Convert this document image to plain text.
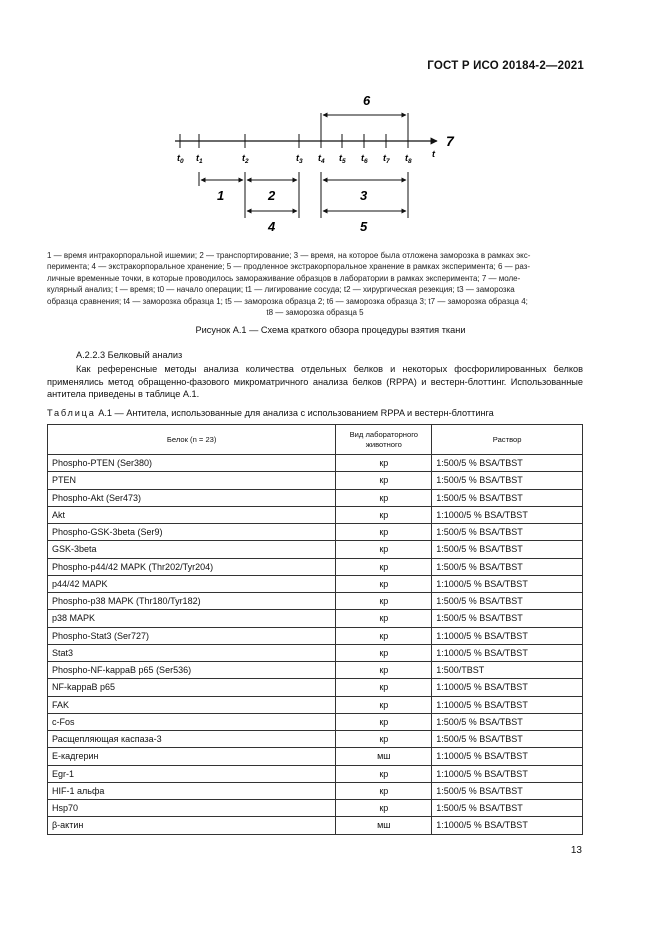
ГОСТ Р ИСО 20184-2—2021
7
t
$t_0$ $t_1$	$t_2$	$t_3$ $t_4$ $t_5$ $t_6$ $t_7$ $t_8$
6
1	2	3
4	5
1 — время интракорпоральной ишемии; 2 — транспортирование; 3 — время, на которое была отложена заморозка в рамках экс-
перимента; 4 — экстракорпоральное хранение; 5 — продленное экстракорпоральное хранение в рамках эксперимента; 6 — раз-
личные временные точки, в которые проводилось замораживание образцов в лаборатории в рамках эксперимента; 7 — моле-
кулярный анализ; t — время; t0 — начало операции; t1 — лигирование сосуда; t2 — хирургическая резекция; t3 — заморозка
образца сравнения; t4 — заморозка образца 1; t5 — заморозка образца 2; t6 — заморозка образца 3; t7 — заморозка образца 4;
t8 — заморозка образца 5
Рисунок А.1 — Схема краткого обзора процедуры взятия ткани
А.2.2.3 Белковый анализ
Как референсные методы анализа количества отдельных белков и некоторых фосфорилированных белков применялись метод обращенно-фазового микроматричного анализа белков (RPPA) и вестерн-блоттинг. Использованные антитела приведены в таблице А.1.
Таблица А.1 — Антитела, использованные для анализа с использованием RPPA и вестерн-блоттинга
Белок (n = 23)	Вид лабораторного животного	Раствор
Phospho-PTEN (Ser380)	кр	1:500/5 % BSA/TBST
PTEN	кр	1:500/5 % BSA/TBST
Phospho-Akt (Ser473)	кр	1:500/5 % BSA/TBST
Akt	кр	1:1000/5 % BSA/TBST
Phospho-GSK-3beta (Ser9)	кр	1:500/5 % BSA/TBST
GSK-3beta	кр	1:500/5 % BSA/TBST
Phospho-p44/42 MAPK (Thr202/Tyr204)	кр	1:500/5 % BSA/TBST
p44/42 MAPK	кр	1:1000/5 % BSA/TBST
Phospho-p38 MAPK (Thr180/Tyr182)	кр	1:500/5 % BSA/TBST
p38 MAPK	кр	1:500/5 % BSA/TBST
Phospho-Stat3 (Ser727)	кр	1:1000/5 % BSA/TBST
Stat3	кр	1:1000/5 % BSA/TBST
Phospho-NF-kappaB p65 (Ser536)	кр	1:500/TBST
NF-kappaB p65	кр	1:1000/5 % BSA/TBST
FAK	кр	1:1000/5 % BSA/TBST
c-Fos	кр	1:500/5 % BSA/TBST
Расщепляющая каспаза-3	кр	1:500/5 % BSA/TBST
Е-кадгерин	мш	1:1000/5 % BSA/TBST
Egr-1	кр	1:1000/5 % BSA/TBST
HIF-1 альфа	кр	1:500/5 % BSA/TBST
Hsp70	кр	1:500/5 % BSA/TBST
β-актин	мш	1:1000/5 % BSA/TBST
13
